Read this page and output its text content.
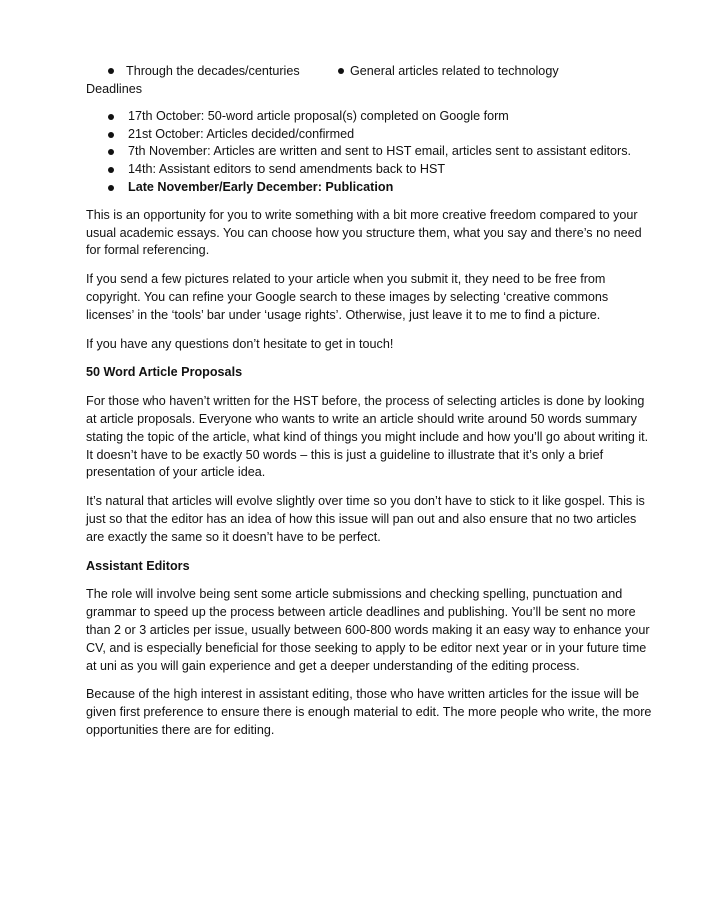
Through the decades/centuries	General articles related to technology
Deadlines
17th October: 50-word article proposal(s) completed on Google form
21st October: Articles decided/confirmed
7th November: Articles are written and sent to HST email, articles sent to assistant editors.
14th: Assistant editors to send amendments back to HST
Late November/Early December: Publication

This is an opportunity for you to write something with a bit more creative freedom compared to your usual academic essays. You can choose how you structure them, what you say and there’s no need for formal referencing.

If you send a few pictures related to your article when you submit it, they need to be free from copyright. You can refine your Google search to these images by selecting ‘creative commons licenses’ in the ‘tools’ bar under ‘usage rights’. Otherwise, just leave it to me to find a picture.

If you have any questions don’t hesitate to get in touch!

50 Word Article Proposals

For those who haven’t written for the HST before, the process of selecting articles is done by looking at article proposals. Everyone who wants to write an article should write around 50 words summary stating the topic of the article, what kind of things you might include and how you’ll go about writing it. It doesn’t have to be exactly 50 words – this is just a guideline to illustrate that it’s only a brief presentation of your article idea.

It’s natural that articles will evolve slightly over time so you don’t have to stick to it like gospel. This is just so that the editor has an idea of how this issue will pan out and also ensure that no two articles are exactly the same so it doesn’t have to be perfect.

Assistant Editors

The role will involve being sent some article submissions and checking spelling, punctuation and grammar to speed up the process between article deadlines and publishing. You’ll be sent no more than 2 or 3 articles per issue, usually between 600-800 words making it an easy way to enhance your CV, and is especially beneficial for those seeking to apply to be editor next year or in your future time at uni as you will gain experience and get a deeper understanding of the editing process.

Because of the high interest in assistant editing, those who have written articles for the issue will be given first preference to ensure there is enough material to edit. The more people who write, the more opportunities there are for editing.
